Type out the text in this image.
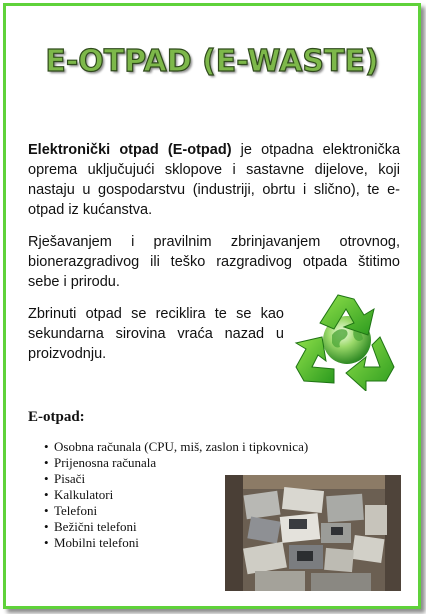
E-OTPAD (E-WASTE)

Elektronički otpad (E-otpad) je otpadna elektronička oprema uključujući sklopove i sastavne dijelove, koji nastaju u gospodarstvu (industriji, obrtu i slično), te e-otpad iz kućanstva.

Rješavanjem i pravilnim zbrinjavanjem otrovnog, bionerazgradivog ili teško razgradivog otpada štitimo sebe i prirodu.

Zbrinuti otpad se reciklira te se kao sekundarna sirovina vraća nazad u proizvodnju.

E-otpad:
• Osobna računala (CPU, miš, zaslon i tipkovnica)
• Prijenosna računala
• Pisači
• Kalkulatori
• Telefoni
• Bežični telefoni
• Mobilni telefoni
